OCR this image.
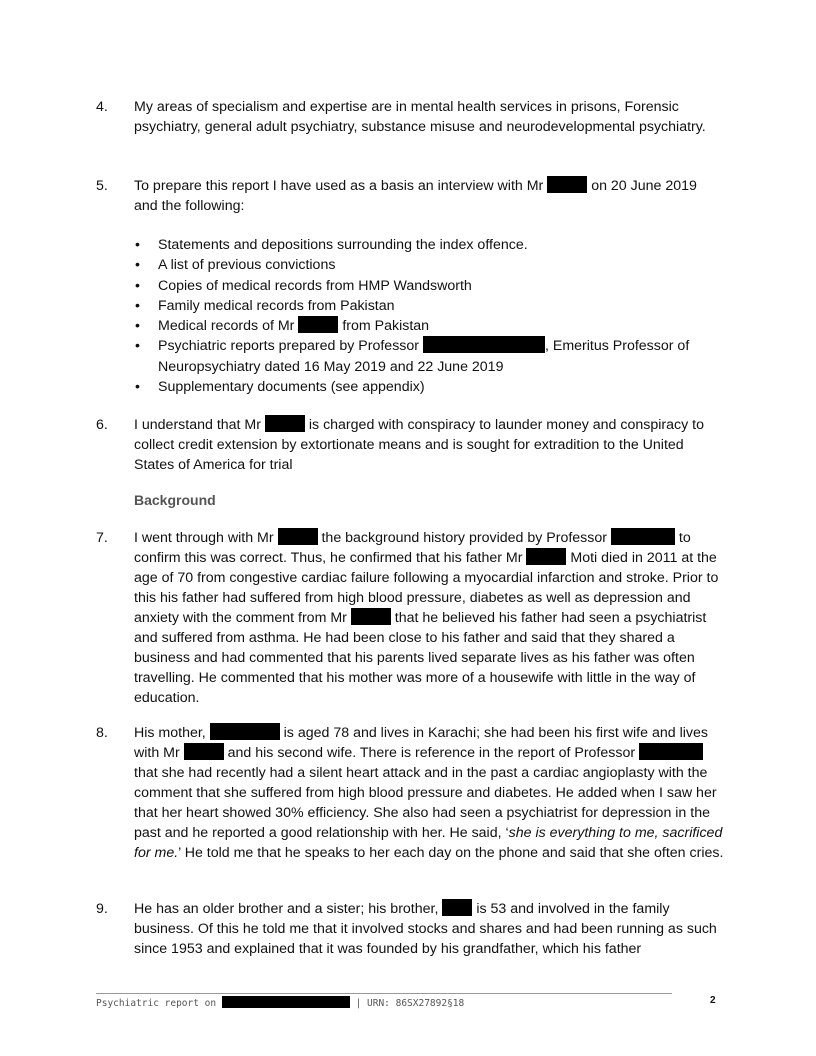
4.	My areas of specialism and expertise are in mental health services in prisons, Forensic psychiatry, general adult psychiatry, substance misuse and neurodevelopmental psychiatry.
5.	To prepare this report I have used as a basis an interview with Mr	on 20 June 2019 and the following:
• Statements and depositions surrounding the index offence.
• A list of previous convictions
• Copies of medical records from HMP Wandsworth
• Family medical records from Pakistan
• Medical records of Mr	from Pakistan
• Psychiatric reports prepared by Professor	, Emeritus Professor of Neuropsychiatry dated 16 May 2019 and 22 June 2019
• Supplementary documents (see appendix)
6.	I understand that Mr	is charged with conspiracy to launder money and conspiracy to collect credit extension by extortionate means and is sought for extradition to the United States of America for trial
Background
7.	I went through with Mr	the background history provided by Professor	to confirm this was correct. Thus, he confirmed that his father Mr	Moti died in 2011 at the age of 70 from congestive cardiac failure following a myocardial infarction and stroke. Prior to this his father had suffered from high blood pressure, diabetes as well as depression and anxiety with the comment from Mr	that he believed his father had seen a psychiatrist and suffered from asthma. He had been close to his father and said that they shared a business and had commented that his parents lived separate lives as his father was often travelling. He commented that his mother was more of a housewife with little in the way of education.
8.	His mother,	is aged 78 and lives in Karachi; she had been his first wife and lives with Mr	and his second wife. There is reference in the report of Professor  that she had recently had a silent heart attack and in the past a cardiac angioplasty with the comment that she suffered from high blood pressure and diabetes. He added when I saw her that her heart showed 30% efficiency. She also had seen a psychiatrist for depression in the past and he reported a good relationship with her. He said, ‘she is everything to me, sacrificed for me.’ He told me that he speaks to her each day on the phone and said that she often cries.
9.	He has an older brother and a sister; his brother,	is 53 and involved in the family business. Of this he told me that it involved stocks and shares and had been running as such since 1953 and explained that it was founded by his grandfather, which his father
Psychiatric report on	| URN: 86SX27892§18	2
